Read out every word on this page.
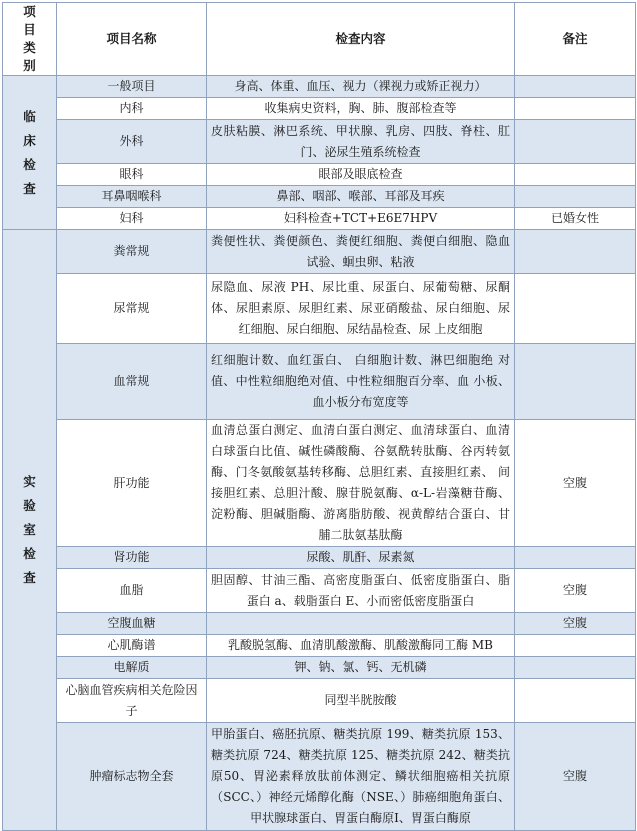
项目类别	项目名称	检查内容	备注
临床检查	一般项目	身高、体重、血压、视力（裸视力或矫正视力）	
	内科	收集病史资料，胸、肺、腹部检查等	
	外科	皮肤粘膜、淋巴系统、甲状腺、乳房、四肢、脊柱、肛门、泌尿生殖系统检查	
	眼科	眼部及眼底检查	
	耳鼻咽喉科	鼻部、咽部、喉部、耳部及耳疾	
	妇科	妇科检查+TCT+E6E7HPV	已婚女性
实验室检查	粪常规	粪便性状、粪便颜色、粪便红细胞、粪便白细胞、隐血试验、蛔虫卵、粘液	
	尿常规	尿隐血、尿液 PH、尿比重、尿蛋白、尿葡萄糖、尿酮体、尿胆素原、尿胆红素、尿亚硝酸盐、尿白细胞、尿红细胞、尿白细胞、尿结晶检查、尿 上皮细胞	
	血常规	红细胞计数、血红蛋白、 白细胞计数、淋巴细胞绝 对值、中性粒细胞绝对值、中性粒细胞百分率、血 小板、血小板分布宽度等	
	肝功能	血清总蛋白测定、血清白蛋白测定、血清球蛋白、血清白球蛋白比值、碱性磷酸酶、谷氨酰转肽酶、谷丙转氨酶、门冬氨酸氨基转移酶、总胆红素、直接胆红素、 间接胆红素、总胆汁酸、腺苷脱氨酶、α-L-岩藻糖苷酶、淀粉酶、胆碱脂酶、游离脂肪酸、视黄醇结合蛋白、甘脯二肽氨基肽酶	空腹
	肾功能	尿酸、肌酐、尿素氮	
	血脂	胆固醇、甘油三酯、高密度脂蛋白、低密度脂蛋白、脂蛋白 a、载脂蛋白 E、小而密低密度脂蛋白	空腹
	空腹血糖		空腹
	心肌酶谱	乳酸脱氢酶、血清肌酸激酶、肌酸激酶同工酶 MB	
	电解质	钾、钠、氯、钙、无机磷	
	心脑血管疾病相关危险因子	同型半胱胺酸	
	肿瘤标志物全套	甲胎蛋白、癌胚抗原、糖类抗原 199、糖类抗原 153、糖类抗原 724、糖类抗原 125、糖类抗原 242、糖类抗原50、胃泌素释放肽前体测定、鳞状细胞癌相关抗原（SCC、）神经元烯醇化酶（NSE、）肺癌细胞角蛋白、甲状腺球蛋白、胃蛋白酶原Ⅰ、胃蛋白酶原	空腹
